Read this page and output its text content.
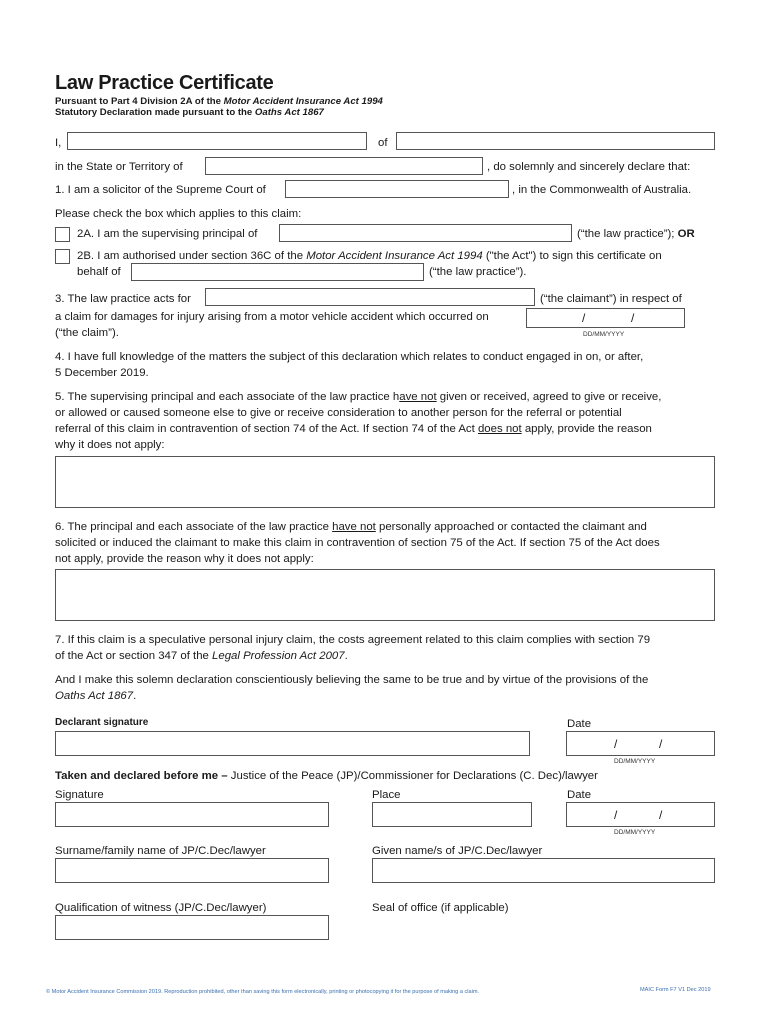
Law Practice Certificate
Pursuant to Part 4 Division 2A of the Motor Accident Insurance Act 1994
Statutory Declaration made pursuant to the Oaths Act 1867
I,	of
in the State or Territory of	, do solemnly and sincerely declare that:
1. I am a solicitor of the Supreme Court of	, in the Commonwealth of Australia.
Please check the box which applies to this claim:
2A. I am the supervising principal of	(“the law practice”); OR
2B. I am authorised under section 36C of the Motor Accident Insurance Act 1994 ("the Act") to sign this certificate on
behalf of	(“the law practice”).
3. The law practice acts for	(“the claimant”) in respect of
a claim for damages for injury arising from a motor vehicle accident which occurred on	/	/
(“the claim”).	DD/MM/YYYY
4. I have full knowledge of the matters the subject of this declaration which relates to conduct engaged in on, or after,
5 December 2019.
5. The supervising principal and each associate of the law practice have not given or received, agreed to give or receive,
or allowed or caused someone else to give or receive consideration to another person for the referral or potential
referral of this claim in contravention of section 74 of the Act. If section 74 of the Act does not apply, provide the reason
why it does not apply:
6. The principal and each associate of the law practice have not personally approached or contacted the claimant and
solicited or induced the claimant to make this claim in contravention of section 75 of the Act. If section 75 of the Act does
not apply, provide the reason why it does not apply:
7. If this claim is a speculative personal injury claim, the costs agreement related to this claim complies with section 79
of the Act or section 347 of the Legal Profession Act 2007.
And I make this solemn declaration conscientiously believing the same to be true and by virtue of the provisions of the
Oaths Act 1867.
Declarant signature	Date
/	/
DD/MM/YYYY
Taken and declared before me – Justice of the Peace (JP)/Commissioner for Declarations (C. Dec)/lawyer
Signature	Place	Date
/	/
DD/MM/YYYY
Surname/family name of JP/C.Dec/lawyer	Given name/s of JP/C.Dec/lawyer
Qualification of witness (JP/C.Dec/lawyer)	Seal of office (if applicable)
© Motor Accident Insurance Commission 2019. Reproduction prohibited, other than saving this form electronically, printing or photocopying it for the purpose of making a claim.	MAIC Form F7 V1 Dec 2019
